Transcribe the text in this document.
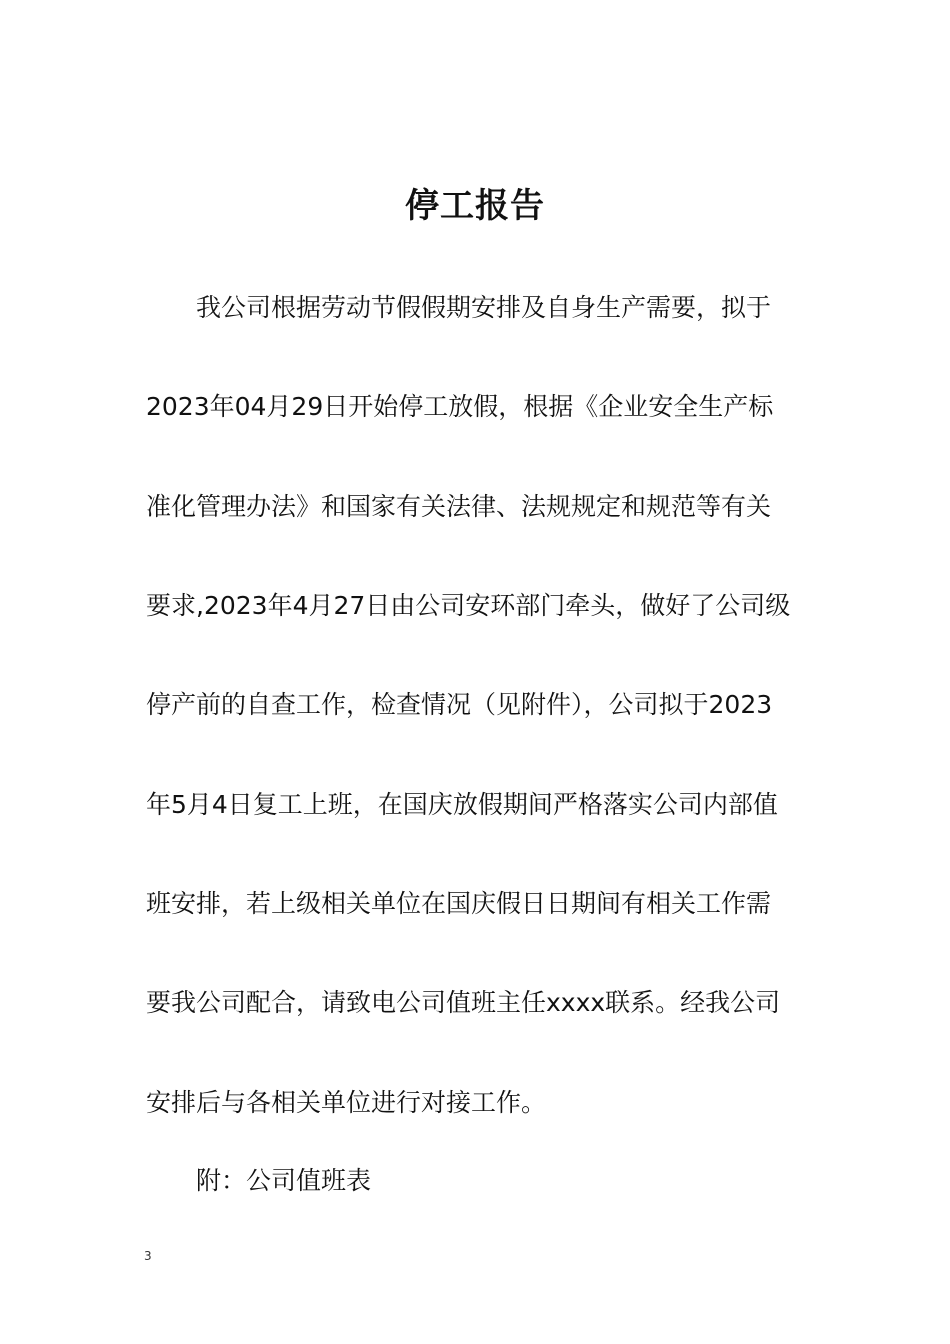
停工报告
我公司根据劳动节假假期安排及自身生产需要，拟于
2023年04月29日开始停工放假，根据《企业安全生产标
准化管理办法》和国家有关法律、法规规定和规范等有关
要求,2023年4月27日由公司安环部门牵头，做好了公司级
停产前的自查工作，检查情况（见附件），公司拟于2023
年5月4日复工上班，在国庆放假期间严格落实公司内部值
班安排，若上级相关单位在国庆假日日期间有相关工作需
要我公司配合，请致电公司值班主任xxxx联系。经我公司
安排后与各相关单位进行对接工作。
附：公司值班表
3
